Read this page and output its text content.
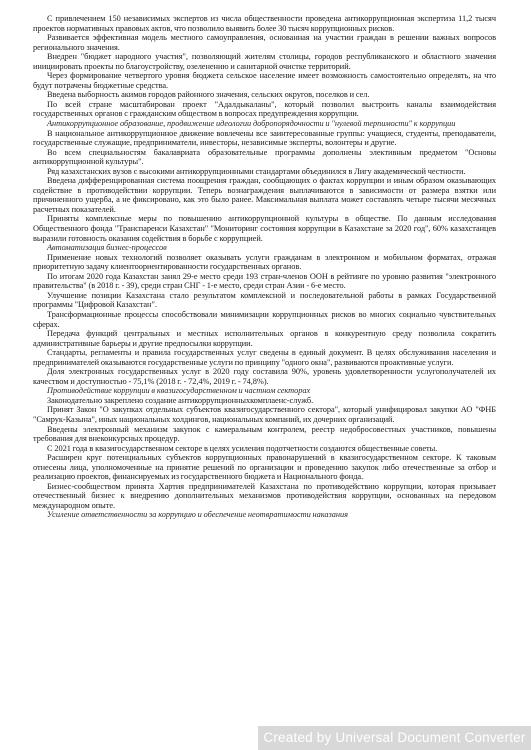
С привлечением 150 независимых экспертов из числа общественности проведена антикоррупционная экспертиза 11,2 тысяч проектов нормативных правовых актов, что позволило выявить более 30 тысяч коррупционных рисков.

Развивается эффективная модель местного самоуправления, основанная на участии граждан в решении важных вопросов регионального значения.

Внедрен "бюджет народного участия", позволяющий жителям столицы, городов республиканского и областного значения инициировать проекты по благоустройству, озеленению и санитарной очистке территорий.

Через формирование четвертого уровня бюджета сельское население имеет возможность самостоятельно определять, на что будут потрачены бюджетные средства.

Введена выборность акимов городов районного значения, сельских округов, поселков и сел.

По всей стране масштабирован проект "Адалдыкаланы", который позволил выстроить каналы взаимодействия государственных органов с гражданским обществом в вопросах предупреждения коррупции.

Антикоррупционное образование, продвижение идеологии добропорядочности и "нулевой терпимости" к коррупции

В национальное антикоррупционное движение вовлечены все заинтересованные группы: учащиеся, студенты, преподаватели, государственные служащие, предприниматели, инвесторы, независимые эксперты, волонтеры и другие.

Во всем специальностям бакалавриата образовательные программы дополнены элективным предметом "Основы антикоррупционной культуры".

Ряд казахстанских вузов с высокими антикоррупционными стандартами объединился в Лигу академической честности.

Введена дифференцированная система поощрения граждан, сообщающих о фактах коррупции и иным образом оказывающих содействие в противодействии коррупции. Теперь вознаграждения выплачиваются в зависимости от размера взятки или причиненного ущерба, а не фиксировано, как это было ранее. Максимальная выплата может составлять четыре тысячи месячных расчетных показателей.

Приняты комплексные меры по повышению антикоррупционной культуры в обществе. По данным исследования Общественного фонда "Транспаренси Казахстан" "Мониторинг состояния коррупции в Казахстане за 2020 год", 60% казахстанцев выразили готовность оказания содействия в борьбе с коррупцией.

Автоматизация бизнес-процессов

Применение новых технологий позволяет оказывать услуги гражданам в электронном и мобильном форматах, отражая приоритетную задачу клиентоориентированности государственных органов.

По итогам 2020 года Казахстан занял 29-е место среди 193 стран-членов ООН в рейтинге по уровню развития "электронного правительства" (в 2018 г. - 39), среди стран СНГ - 1-е место, среди стран Азии - 6-е место.

Улучшение позиции Казахстана стало результатом комплексной и последовательной работы в рамках Государственной программы "Цифровой Казахстан".

Трансформационные процессы способствовали минимизации коррупционных рисков во многих социально чувствительных сферах.

Передача функций центральных и местных исполнительных органов в конкурентную среду позволила сократить административные барьеры и другие предпосылки коррупции.

Стандарты, регламенты и правила государственных услуг сведены в единый документ. В целях обслуживания населения и предпринимателей оказываются государственные услуги по принципу "одного окна", развиваются проактивные услуги.

Доля электронных государственных услуг в 2020 году составила 90%, уровень удовлетворенности услугополучателей их качеством и доступностью - 75,1% (2018 г. - 72,4%, 2019 г. - 74,8%).

Противодействие коррупции в квазигосударственном и частном секторах

Законодательно закреплено создание антикоррупционныхкомплаенс-служб.

Принят Закон "О закупках отдельных субъектов квазигосударственного сектора", который унифицировал закупки АО "ФНБ "Самрук-Казына", иных национальных холдингов, национальных компаний, их дочерних организаций.

Введены электронный механизм закупок с камеральным контролем, реестр недобросовестных участников, повышены требования для внеконкурсных процедур.

С 2021 года в квазигосударственном секторе в целях усиления подотчетности создаются общественные советы.

Расширен круг потенциальных субъектов коррупционных правонарушений в квазигосударственном секторе. К таковым отнесены лица, уполномоченные на принятие решений по организации и проведению закупок либо отечественные за отбор и реализацию проектов, финансируемых из государственного бюджета и Национального фонда.

Бизнес-сообществом принята Хартия предпринимателей Казахстана по противодействию коррупции, которая призывает отечественный бизнес к внедрению дополнительных механизмов противодействия коррупции, основанных на передовом международном опыте.

Усиление ответственности за коррупцию и обеспечение неотвратимости наказания

Created by Universal Document Converter
